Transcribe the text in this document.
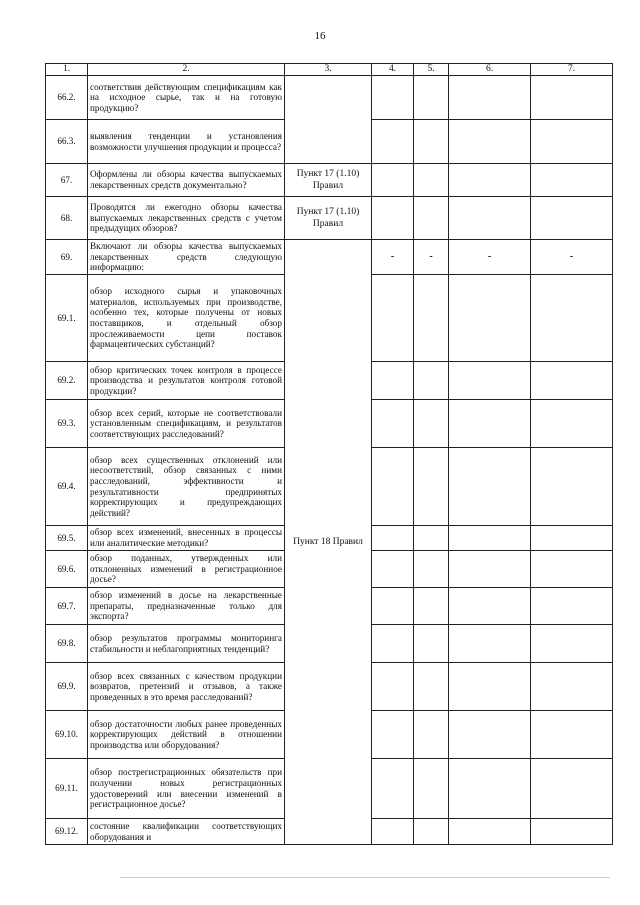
16
1.	2.	3.	4.	5.	6.	7.
66.2.	соответствия действующим спецификациям как на исходное сырье, так и на готовую продукцию?					
66.3.	выявления тенденции и установления возможности улучшения продукции и процесса?					
67.	Оформлены ли обзоры качества выпускаемых лекарственных средств документально?	Пункт 17 (1.10) Правил				
68.	Проводятся ли ежегодно обзоры качества выпускаемых лекарственных средств с учетом предыдущих обзоров?	Пункт 17 (1.10) Правил				
69.	Включают ли обзоры качества выпускаемых лекарственных средств следующую информацию:	Пункт 18 Правил	-	-	-	-

69.1.	обзор исходного сырья и упаковочных материалов, используемых при производстве, особенно тех, которые получены от новых поставщиков, и отдельный обзор прослеживаемости цепи поставок фармацевтических субстанций?					
69.2.	обзор критических точек контроля в процессе производства и результатов контроля готовой продукции?					
69.3.	обзор всех серий, которые не соответствовали установленным спецификациям, и результатов соответствующих расследований?					
69.4.	обзор всех существенных отклонений или несоответствий, обзор связанных с ними расследований, эффективности и результативности предпринятых корректирующих и предупреждающих действий?					
69.5.	обзор всех изменений, внесенных в процессы или аналитические методики?					
69.6.	обзор поданных, утвержденных или отклоненных изменений в регистрационное досье?					
69.7.	обзор изменений в досье на лекарственные препараты, предназначенные только для экспорта?					
69.8.	обзор результатов программы мониторинга стабильности и неблагоприятных тенденций?					
69.9.	обзор всех связанных с качеством продукции возвратов, претензий и отзывов, а также проведенных в это время расследований?					
69.10.	обзор достаточности любых ранее проведенных корректирующих действий в отношении производства или оборудования?					
69.11.	обзор пострегистрационных обязательств при получении новых регистрационных удостоверений или внесении изменений в регистрационное досье?					
69.12.	состояние квалификации соответствующих оборудования и					
